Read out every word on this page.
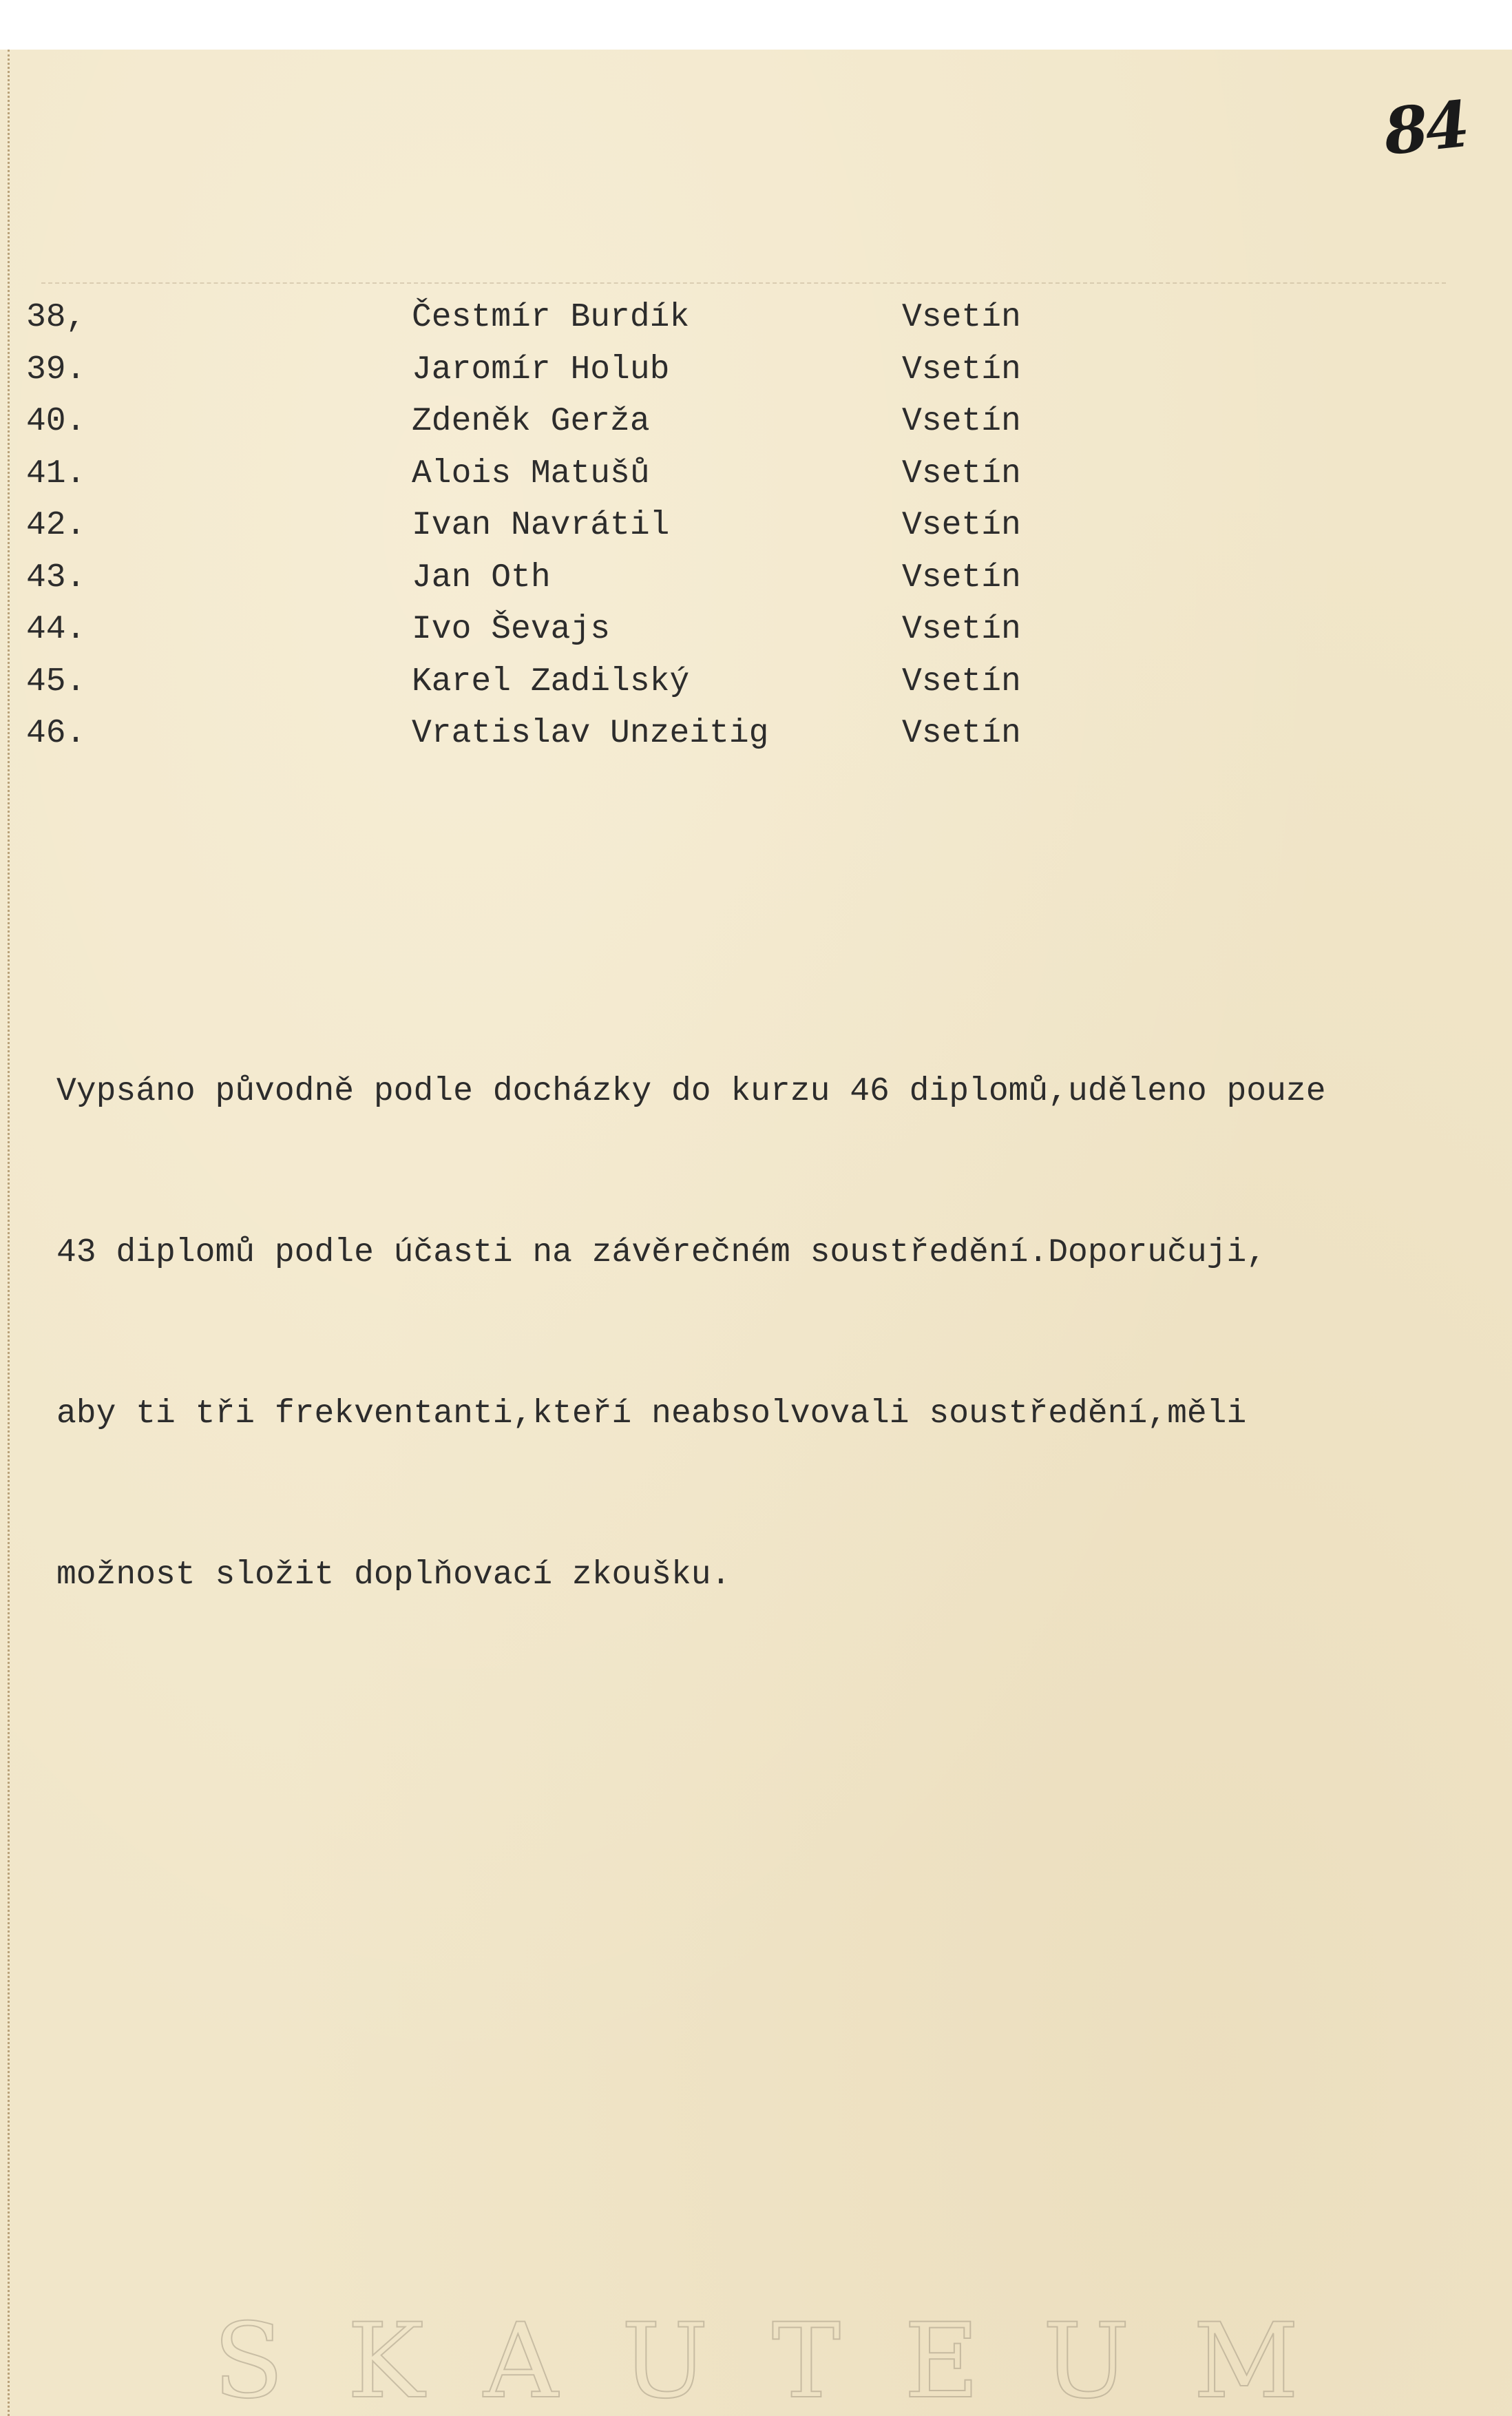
84
38,	Čestmír Burdík	Vsetín
39.	Jaromír Holub	Vsetín
40.	Zdeněk Gerža	Vsetín
41.	Alois Matušů	Vsetín
42.	Ivan Navrátil	Vsetín
43.	Jan Oth	Vsetín
44.	Ivo Ševajs	Vsetín
45.	Karel Zadilský	Vsetín
46.	Vratislav Unzeitig	Vsetín

Vypsáno původně podle docházky do kurzu 46 diplomů,uděleno pouze

43 diplomů podle účasti na závěrečném soustředění.Doporučuji,

aby ti tři frekventanti,kteří neabsolvovali soustředění,měli

možnost složit doplňovací zkoušku.

SKAUTEUM
